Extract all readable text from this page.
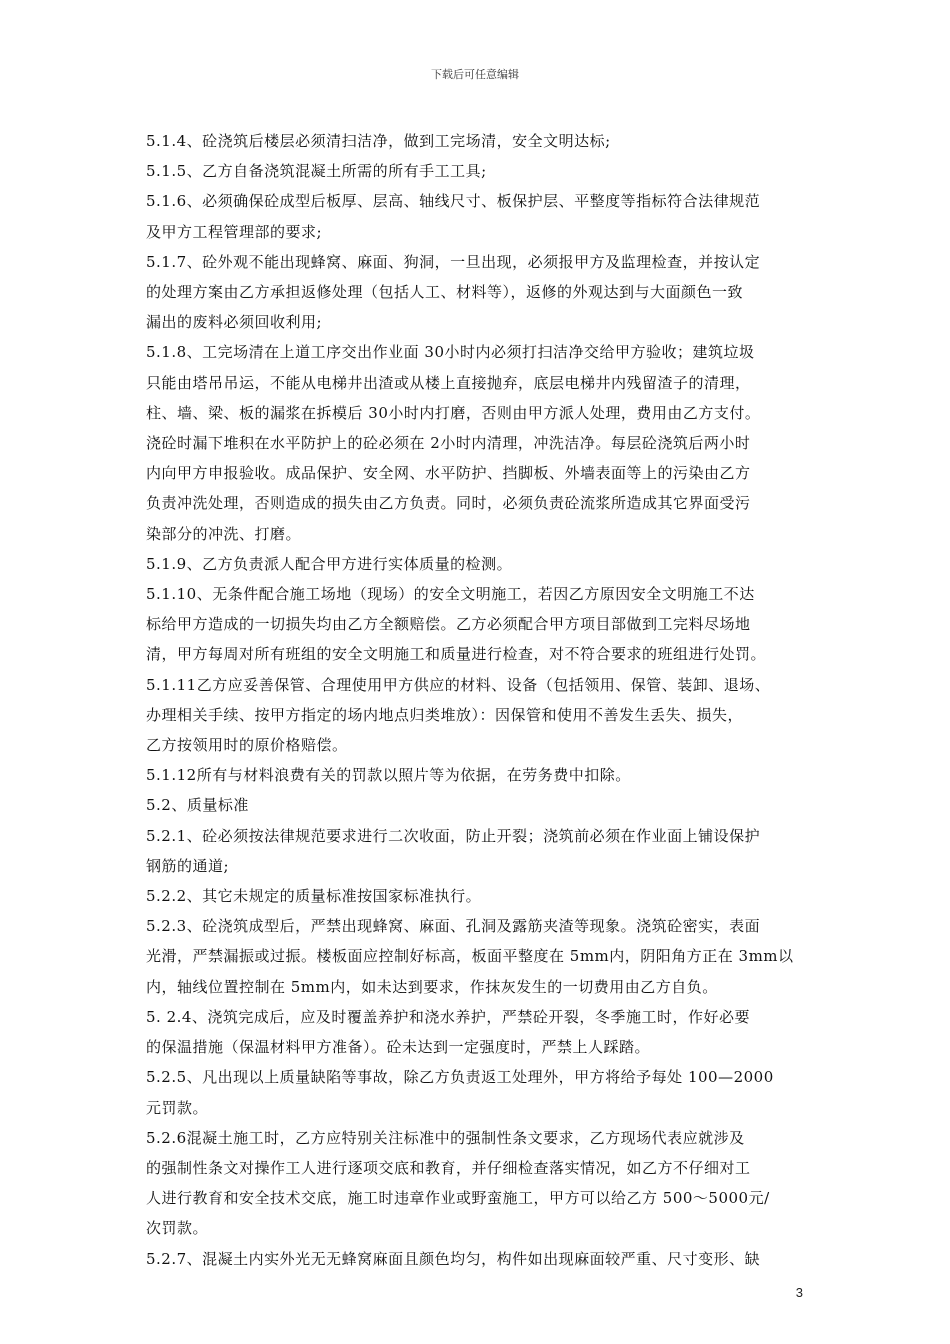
下载后可任意编辑

5.1.4、砼浇筑后楼层必须清扫洁净，做到工完场清，安全文明达标;

5.1.5、乙方自备浇筑混凝土所需的所有手工工具;

5.1.6、必须确保砼成型后板厚、层高、轴线尺寸、板保护层、平整度等指标符合法律规范

及甲方工程管理部的要求;

5.1.7、砼外观不能出现蜂窝、麻面、狗洞，一旦出现，必须报甲方及监理检查，并按认定

的处理方案由乙方承担返修处理（包括人工、材料等），返修的外观达到与大面颜色一致

漏出的废料必须回收利用;

5.1.8、工完场清在上道工序交出作业面 30小时内必须打扫洁净交给甲方验收；建筑垃圾

只能由塔吊吊运，不能从电梯井出渣或从楼上直接抛弃，底层电梯井内残留渣子的清理，

柱、墙、梁、板的漏浆在拆模后 30小时内打磨，否则由甲方派人处理，费用由乙方支付。

浇砼时漏下堆积在水平防护上的砼必须在 2小时内清理，冲洗洁净。每层砼浇筑后两小时

内向甲方申报验收。成品保护、安全网、水平防护、挡脚板、外墙表面等上的污染由乙方

负责冲洗处理，否则造成的损失由乙方负责。同时，必须负责砼流浆所造成其它界面受污

染部分的冲洗、打磨。

5.1.9、乙方负责派人配合甲方进行实体质量的检测。

5.1.10、无条件配合施工场地（现场）的安全文明施工，若因乙方原因安全文明施工不达

标给甲方造成的一切损失均由乙方全额赔偿。乙方必须配合甲方项目部做到工完料尽场地

清，甲方每周对所有班组的安全文明施工和质量进行检查，对不符合要求的班组进行处罚。

5.1.11乙方应妥善保管、合理使用甲方供应的材料、设备（包括领用、保管、装卸、退场、

办理相关手续、按甲方指定的场内地点归类堆放）：因保管和使用不善发生丢失、损失，

乙方按领用时的原价格赔偿。

5.1.12所有与材料浪费有关的罚款以照片等为依据，在劳务费中扣除。

5.2、质量标准

5.2.1、砼必须按法律规范要求进行二次收面，防止开裂；浇筑前必须在作业面上铺设保护

钢筋的通道;

5.2.2、其它未规定的质量标准按国家标准执行。

5.2.3、砼浇筑成型后，严禁出现蜂窝、麻面、孔洞及露筋夹渣等现象。浇筑砼密实，表面

光滑，严禁漏振或过振。楼板面应控制好标高，板面平整度在 5mm内，阴阳角方正在 3mm以

内，轴线位置控制在 5mm内，如未达到要求，作抹灰发生的一切费用由乙方自负。

5. 2.4、浇筑完成后，应及时覆盖养护和浇水养护，严禁砼开裂，冬季施工时，作好必要

的保温措施（保温材料甲方准备）。砼未达到一定强度时，严禁上人踩踏。

5.2.5、凡出现以上质量缺陷等事故，除乙方负责返工处理外，甲方将给予每处 100—2000

元罚款。

5.2.6混凝土施工时，乙方应特别关注标准中的强制性条文要求，乙方现场代表应就涉及

的强制性条文对操作工人进行逐项交底和教育，并仔细检查落实情况，如乙方不仔细对工

人进行教育和安全技术交底，施工时违章作业或野蛮施工，甲方可以给乙方 500～5000元/

次罚款。

5.2.7、混凝土内实外光无无蜂窝麻面且颜色均匀，构件如出现麻面较严重、尺寸变形、缺

3
